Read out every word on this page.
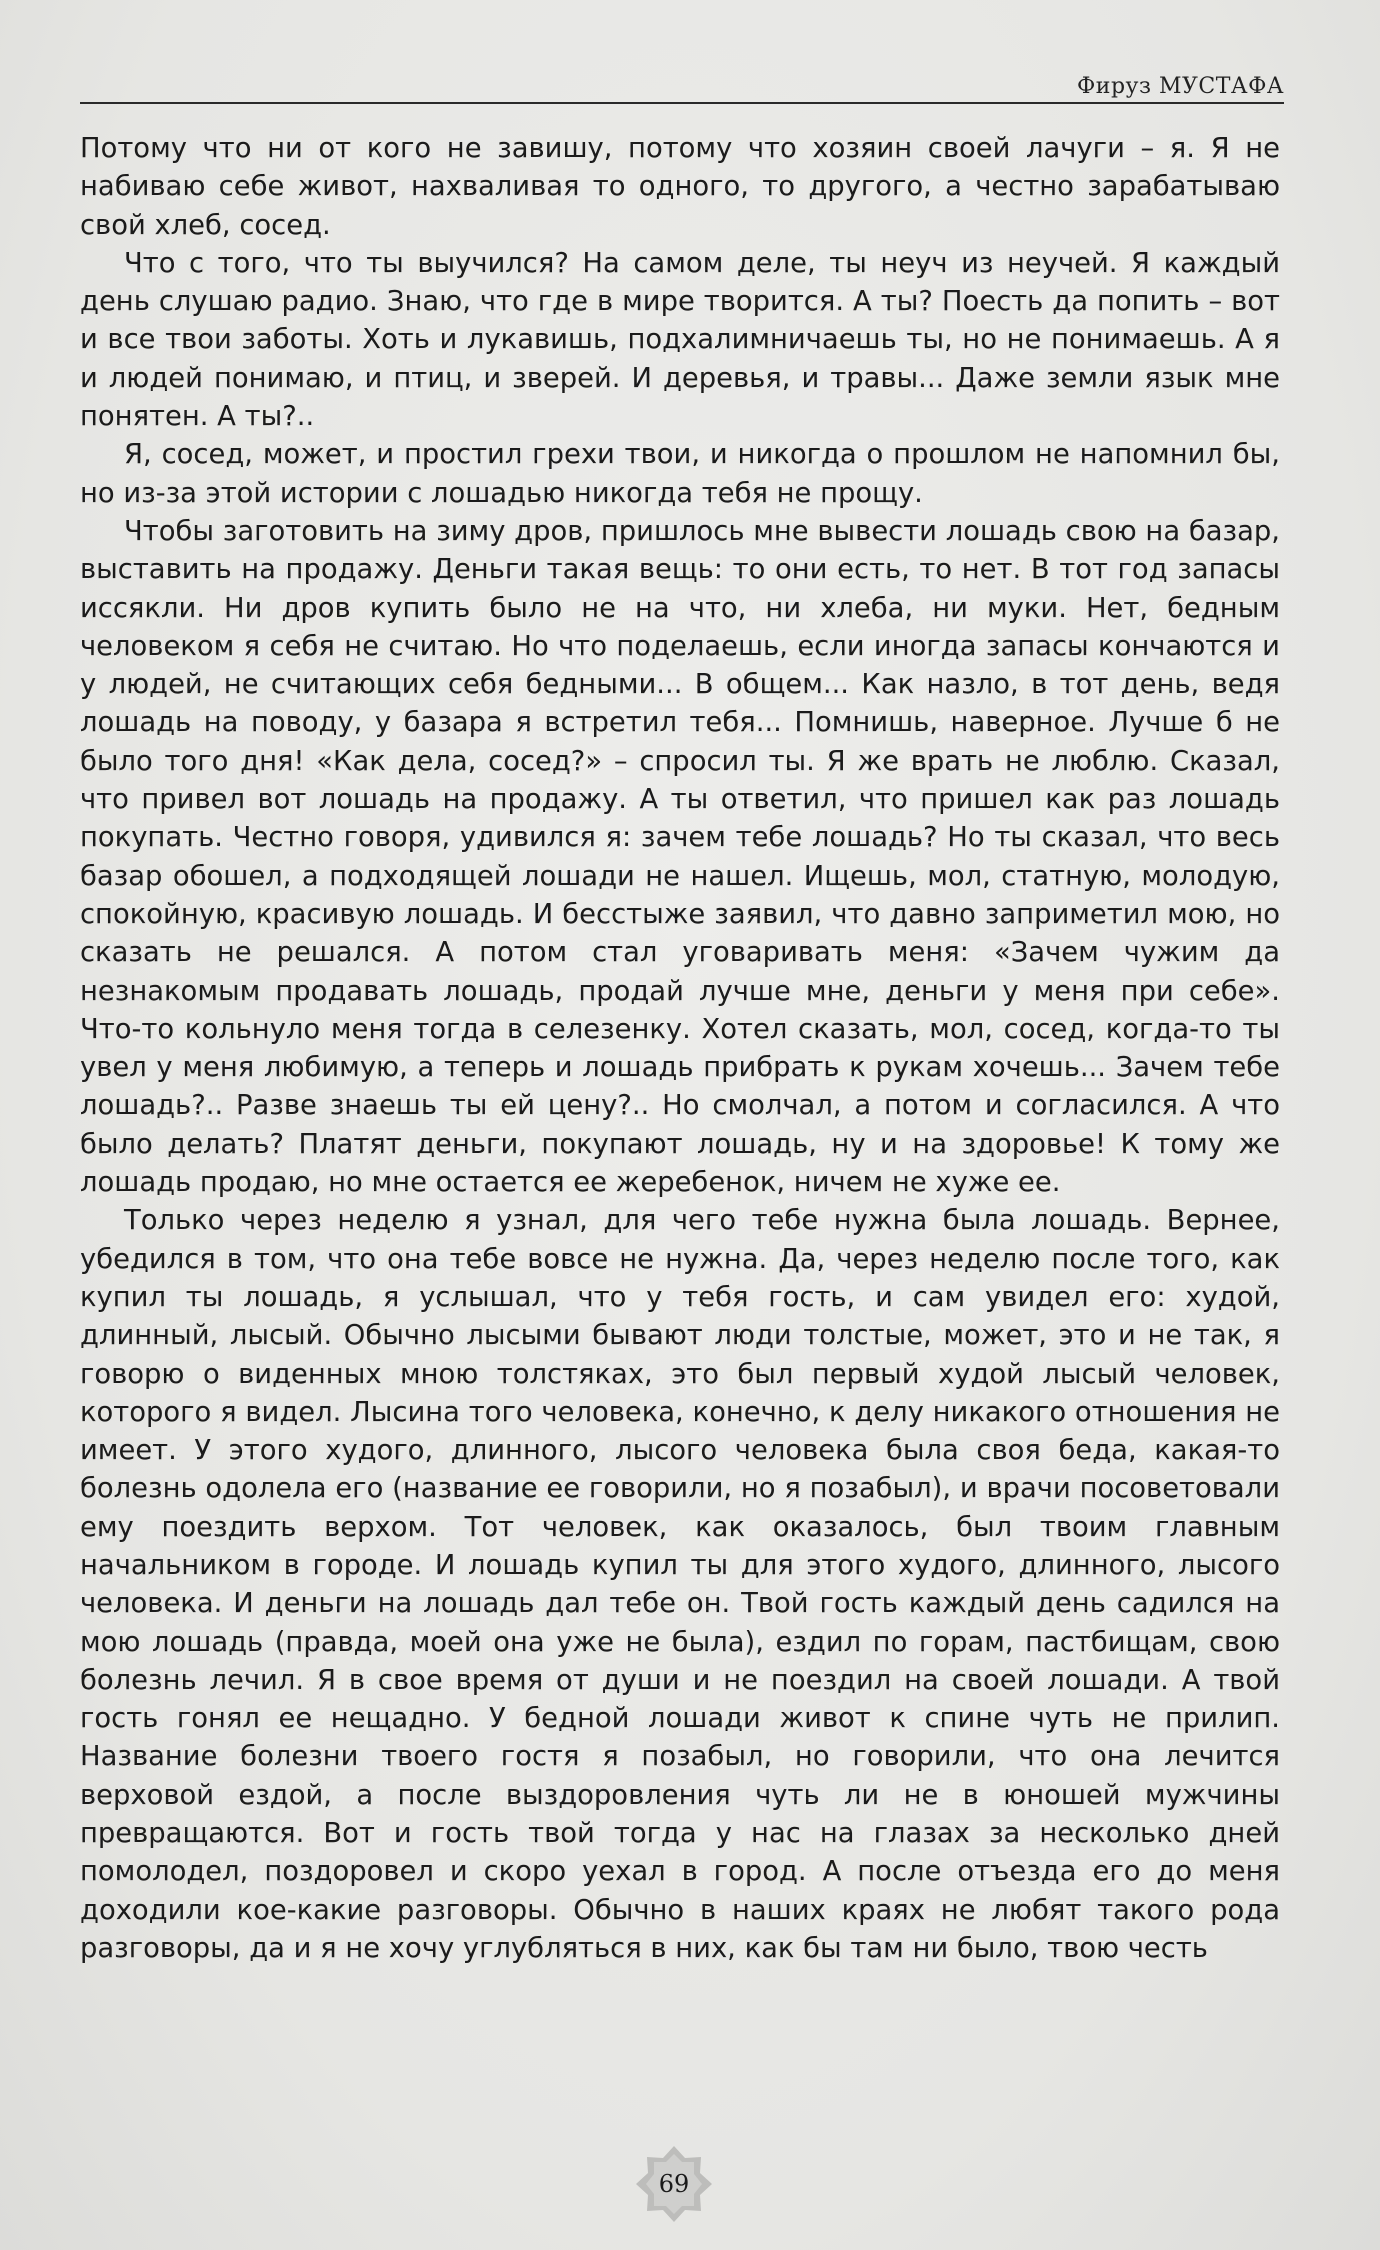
Фируз МУСТАФА

Потому что ни от кого не завишу, потому что хозяин своей лачуги – я. Я не набиваю себе живот, нахваливая то одного, то другого, а честно зарабатываю свой хлеб, сосед.

Что с того, что ты выучился? На самом деле, ты неуч из неучей. Я каждый день слушаю радио. Знаю, что где в мире творится. А ты? Поесть да попить – вот и все твои заботы. Хоть и лукавишь, подхалимничаешь ты, но не понимаешь. А я и людей понимаю, и птиц, и зверей. И деревья, и травы... Даже земли язык мне понятен. А ты?..

Я, сосед, может, и простил грехи твои, и никогда о прошлом не напомнил бы, но из-за этой истории с лошадью никогда тебя не прощу.

Чтобы заготовить на зиму дров, пришлось мне вывести лошадь свою на базар, выставить на продажу. Деньги такая вещь: то они есть, то нет. В тот год запасы иссякли. Ни дров купить было не на что, ни хлеба, ни муки. Нет, бедным человеком я себя не считаю. Но что поделаешь, если иногда запасы кончаются и у людей, не считающих себя бедными... В общем... Как назло, в тот день, ведя лошадь на поводу, у базара я встретил тебя... Помнишь, наверное. Лучше б не было того дня! «Как дела, сосед?» – спросил ты. Я же врать не люблю. Сказал, что привел вот лошадь на продажу. А ты ответил, что пришел как раз лошадь покупать. Честно говоря, удивился я: зачем тебе лошадь? Но ты сказал, что весь базар обошел, а подходящей лошади не нашел. Ищешь, мол, статную, молодую, спокойную, красивую лошадь. И бесстыже заявил, что давно заприметил мою, но сказать не решался. А потом стал уговаривать меня: «Зачем чужим да незнакомым продавать лошадь, продай лучше мне, деньги у меня при себе». Что-то кольнуло меня тогда в селезенку. Хотел сказать, мол, сосед, когда-то ты увел у меня любимую, а теперь и лошадь прибрать к рукам хочешь... Зачем тебе лошадь?.. Разве знаешь ты ей цену?.. Но смолчал, а потом и согласился. А что было делать? Платят деньги, покупают лошадь, ну и на здоровье! К тому же лошадь продаю, но мне остается ее жеребенок, ничем не хуже ее.

Только через неделю я узнал, для чего тебе нужна была лошадь. Вернее, убедился в том, что она тебе вовсе не нужна. Да, через неделю после того, как купил ты лошадь, я услышал, что у тебя гость, и сам увидел его: худой, длинный, лысый. Обычно лысыми бывают люди толстые, может, это и не так, я говорю о виденных мною толстяках, это был первый худой лысый человек, которого я видел. Лысина того человека, конечно, к делу никакого отношения не имеет. У этого худого, длинного, лысого человека была своя беда, какая-то болезнь одолела его (название ее говорили, но я позабыл), и врачи посоветовали ему поездить верхом. Тот человек, как оказалось, был твоим главным начальником в городе. И лошадь купил ты для этого худого, длинного, лысого человека. И деньги на лошадь дал тебе он. Твой гость каждый день садился на мою лошадь (правда, моей она уже не была), ездил по горам, пастбищам, свою болезнь лечил. Я в свое время от души и не поездил на своей лошади. А твой гость гонял ее нещадно. У бедной лошади живот к спине чуть не прилип. Название болезни твоего гостя я позабыл, но говорили, что она лечится верховой ездой, а после выздоровления чуть ли не в юношей мужчины превращаются. Вот и гость твой тогда у нас на глазах за несколько дней помолодел, поздоровел и скоро уехал в город. А после отъезда его до меня доходили кое-какие разговоры. Обычно в наших краях не любят такого рода разговоры, да и я не хочу углубляться в них, как бы там ни было, твою честь

69
